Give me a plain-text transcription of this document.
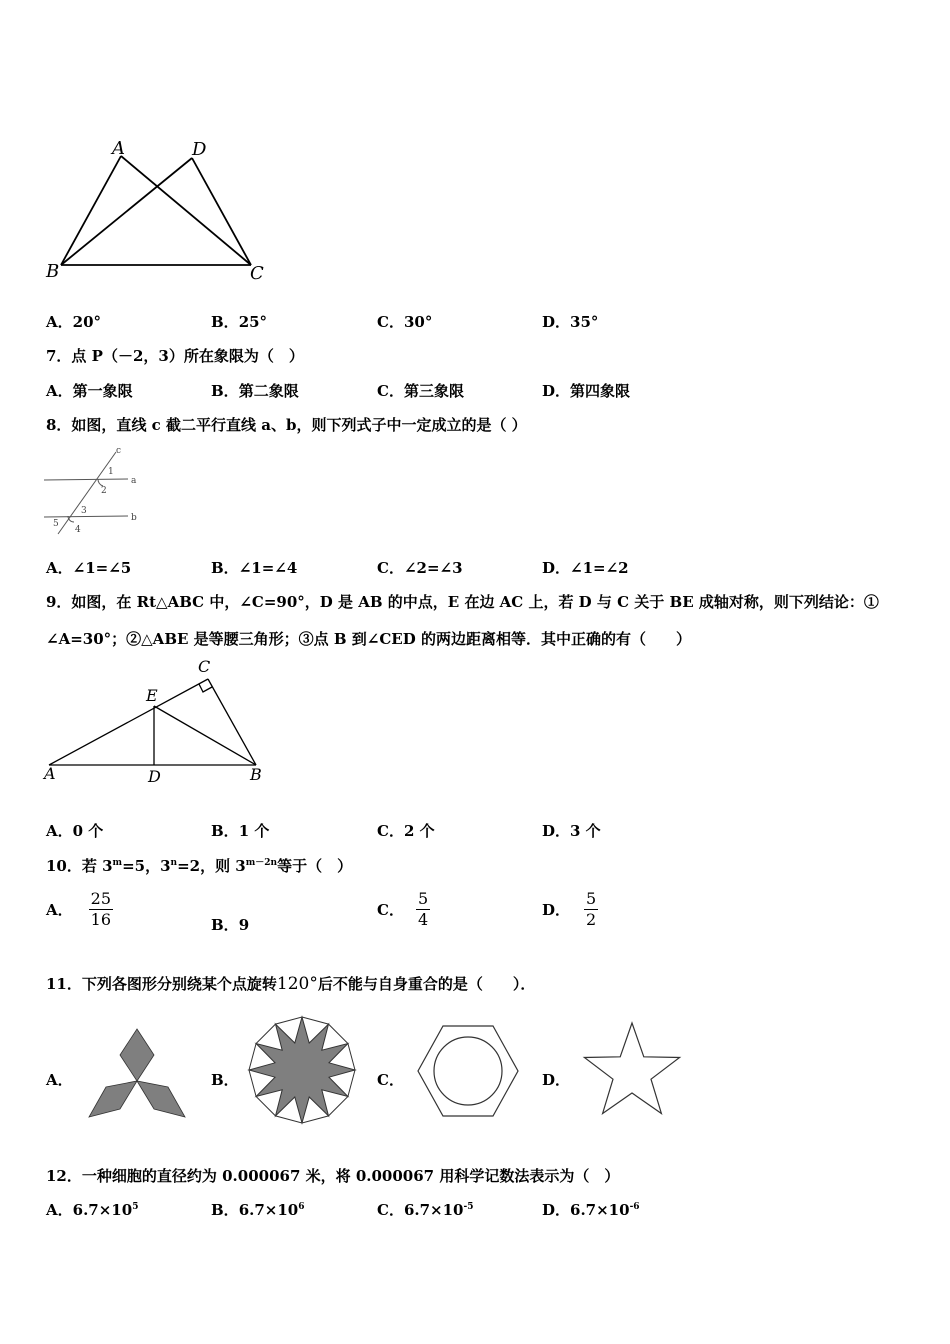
A	D
B	C
A．20°	B．25°	C．30°	D．35°
7．点 P（－2，3）所在象限为（　）
A．第一象限	B．第二象限	C．第三象限	D．第四象限
8．如图，直线 c 截二平行直线 a、b，则下列式子中一定成立的是（ ）
c
1
a
2
3
5
4
b
A．∠1=∠5	B．∠1=∠4	C．∠2=∠3	D．∠1=∠2
9．如图，在 Rt△ABC 中，∠C=90°，D 是 AB 的中点，E 在边 AC 上，若 D 与 C 关于 BE 成轴对称，则下列结论：①
∠A=30°；②△ABE 是等腰三角形；③点 B 到∠CED 的两边距离相等．其中正确的有（　　）
C
E
A	D	B
A．0 个	B．1 个	C．2 个	D．3 个
10．若 $3^m=5$，$3^n=2$，则 $3^{m-2n}$等于（　）
A． $\frac{25}{16}$	B．9
C． $\frac{5}{4}$	D． $\frac{5}{2}$
11．下列各图形分别绕某个点旋转120°后不能与自身重合的是（　　）．
A．	B．	C．	D．
12．一种细胞的直径约为 0.000067 米，将 0.000067 用科学记数法表示为（　）
A．$6.7\times 10^5$	B．$6.7\times 10^6$	C．$6.7\times 10^{-5}$	D．$6.7\times 10^{-6}$
